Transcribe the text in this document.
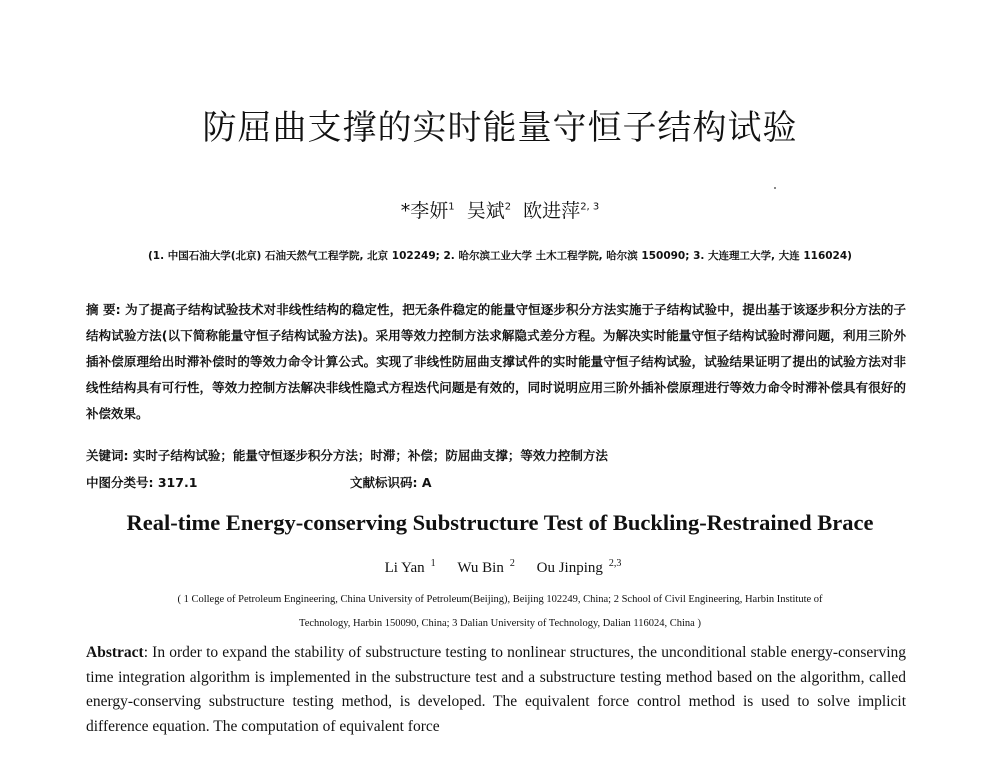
防屈曲支撑的实时能量守恒子结构试验
*李妍$^1$ 吴斌$^2$ 欧进萍$^{2, 3}$
(1. 中国石油大学(北京) 石油天然气工程学院, 北京 102249; 2. 哈尔滨工业大学 土木工程学院, 哈尔滨 150090; 3. 大连理工大学, 大连 116024)
摘 要: 为了提高子结构试验技术对非线性结构的稳定性，把无条件稳定的能量守恒逐步积分方法实施于子结构试验中，提出基于该逐步积分方法的子结构试验方法(以下简称能量守恒子结构试验方法)。采用等效力控制方法求解隐式差分方程。为解决实时能量守恒子结构试验时滞问题，利用三阶外插补偿原理给出时滞补偿时的等效力命令计算公式。实现了非线性防屈曲支撑试件的实时能量守恒子结构试验，试验结果证明了提出的试验方法对非线性结构具有可行性，等效力控制方法解决非线性隐式方程迭代问题是有效的，同时说明应用三阶外插补偿原理进行等效力命令时滞补偿具有很好的补偿效果。
关键词: 实时子结构试验；能量守恒逐步积分方法；时滞；补偿；防屈曲支撑；等效力控制方法
中图分类号: 317.1	文献标识码: A
Real-time Energy-conserving Substructure Test of Buckling-Restrained Brace
Li Yan $^1$ Wu Bin $^2$ Ou Jinping $^{2,3}$
( 1 College of Petroleum Engineering, China University of Petroleum(Beijing), Beijing 102249, China; 2 School of Civil Engineering, Harbin Institute of
Technology, Harbin 150090, China; 3 Dalian University of Technology, Dalian 116024, China )
Abstract: In order to expand the stability of substructure testing to nonlinear structures, the unconditional stable energy-conserving time integration algorithm is implemented in the substructure test and a substructure testing method based on the algorithm, called energy-conserving substructure testing method, is developed. The equivalent force control method is used to solve implicit difference equation. The computation of equivalent force
